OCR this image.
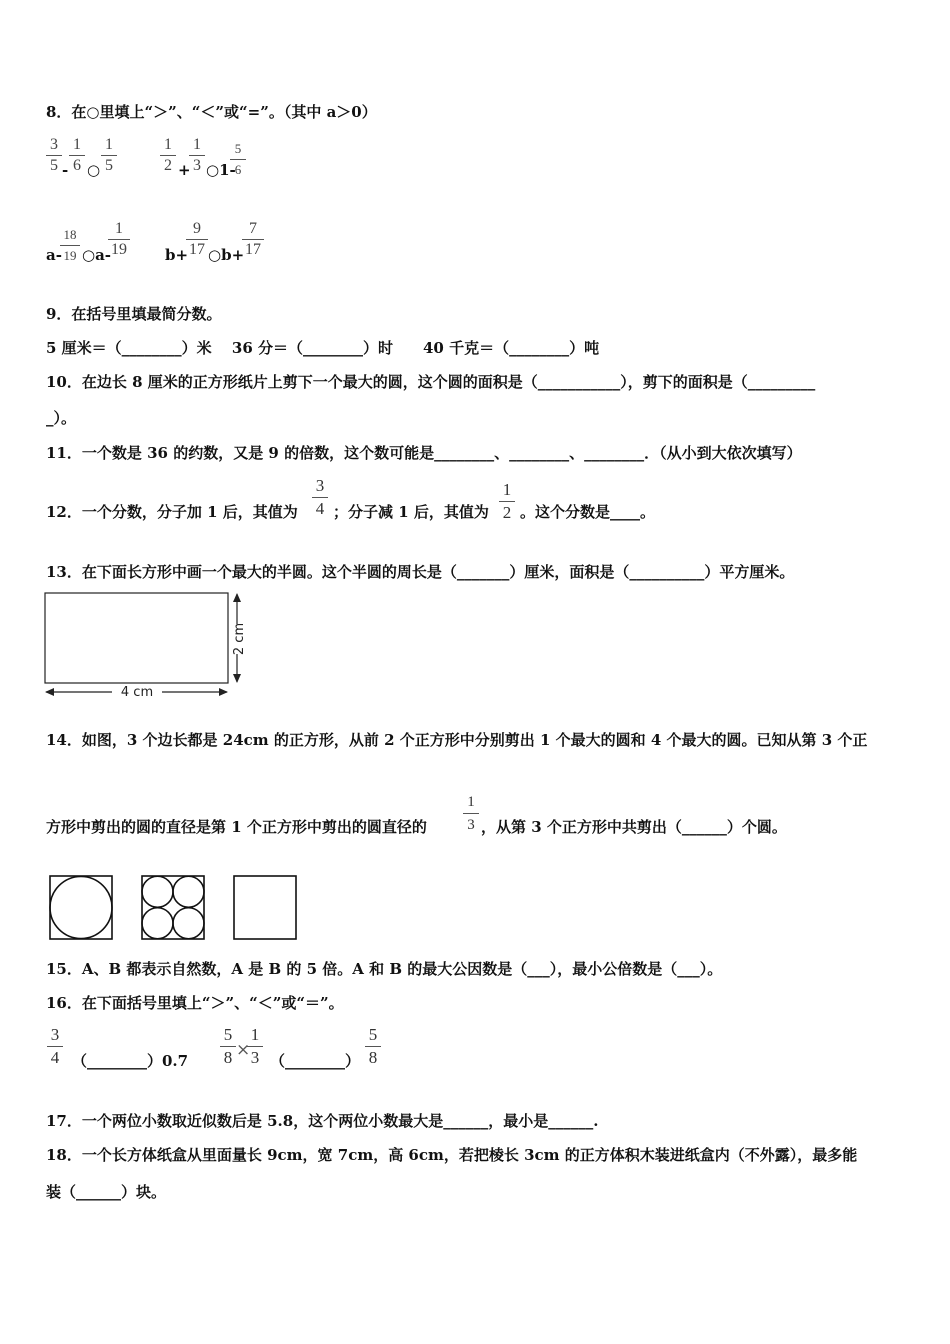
8．在○里填上“＞”、“＜”或“=”。（其中 a＞0）
3
5 -
1
6 ○
1
5
1
2 +
1
3 ○1-
5
6
a-
18
19 ○a-
1
19	b+
9
17 ○b+
7
17
9．在括号里填最简分数。
5 厘米＝（________）米　 36 分＝（________）时　　40 千克＝（________）吨
10．在边长 8 厘米的正方形纸片上剪下一个最大的圆，这个圆的面积是（___________），剪下的面积是（_________
_）。
11．一个数是 36 的约数，又是 9 的倍数，这个数可能是________、________、________．（从小到大依次填写）
12．一个分数，分子加 1 后，其值为
3
4 ；分子减 1 后，其值为
1
2 。这个分数是____。
13．在下面长方形中画一个最大的半圆。这个半圆的周长是（_______）厘米，面积是（__________）平方厘米。
2 cm
4 cm
14．如图，3 个边长都是 24cm 的正方形，从前 2 个正方形中分别剪出 1 个最大的圆和 4 个最大的圆。已知从第 3 个正
方形中剪出的圆的直径是第 1 个正方形中剪出的圆直径的
1
3 ，从第 3 个正方形中共剪出（______）个圆。
15．A、B 都表示自然数，A 是 B 的 5 倍。A 和 B 的最大公因数是（___），最小公倍数是（___）。
16．在下面括号里填上“＞”、“＜”或“＝”。
3
4 （________）0.7
5
8 ×
1
3 （________）
5
8
17．一个两位小数取近似数后是 5.8，这个两位小数最大是______，最小是______.
18．一个长方体纸盒从里面量长 9cm，宽 7cm，高 6cm，若把棱长 3cm 的正方体积木装进纸盒内（不外露），最多能
装（______）块。
